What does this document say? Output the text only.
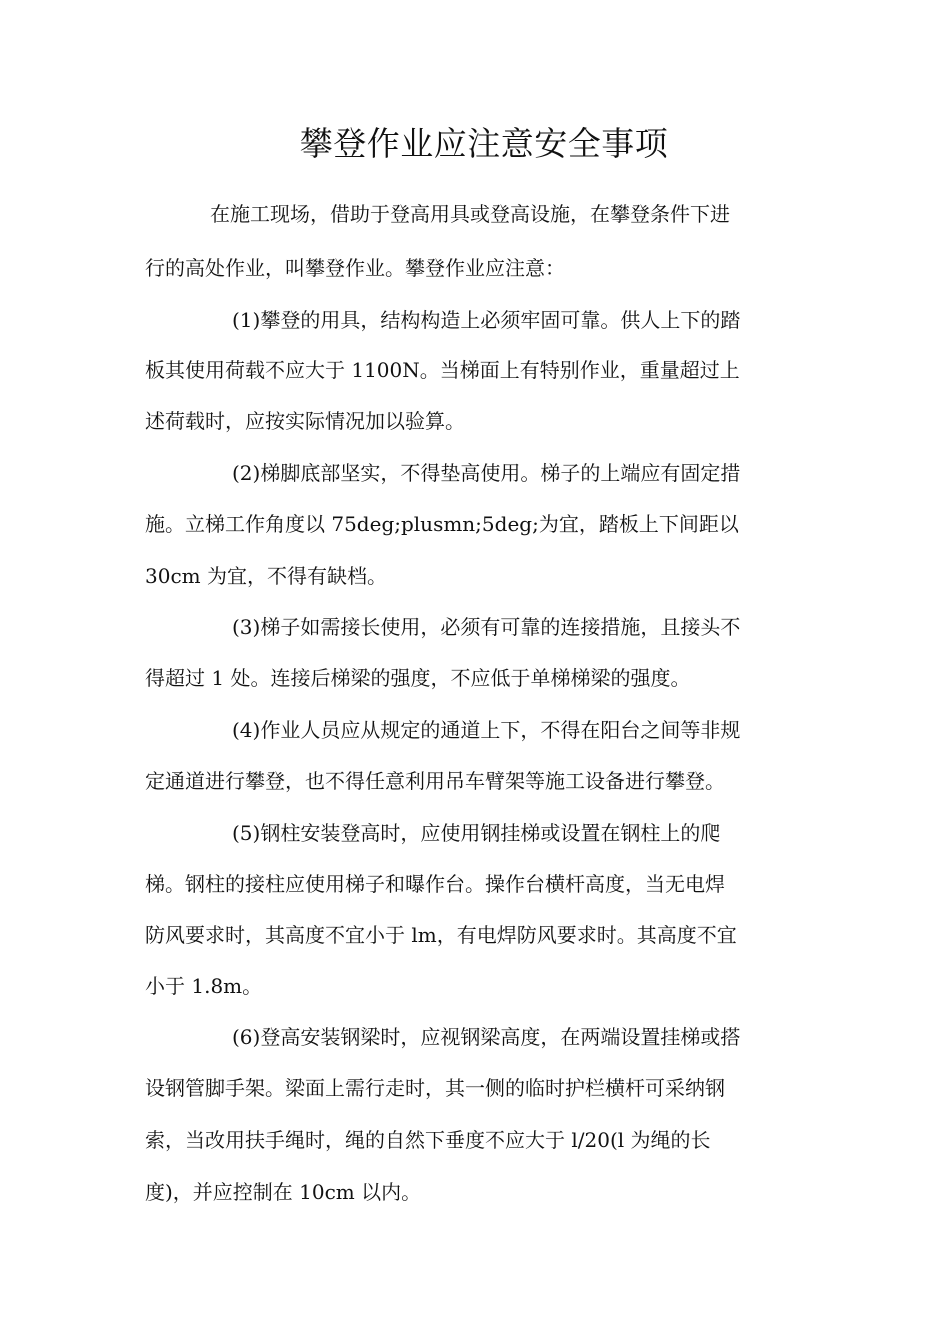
攀登作业应注意安全事项
在施工现场，借助于登高用具或登高设施，在攀登条件下进
行的高处作业，叫攀登作业。攀登作业应注意：
(1)攀登的用具，结构构造上必须牢固可靠。供人上下的踏
板其使用荷载不应大于 1100N。当梯面上有特别作业，重量超过上
述荷载时，应按实际情况加以验算。
(2)梯脚底部坚实，不得垫高使用。梯子的上端应有固定措
施。立梯工作角度以 75deg;plusmn;5deg;为宜，踏板上下间距以
30cm 为宜，不得有缺档。
(3)梯子如需接长使用，必须有可靠的连接措施，且接头不
得超过 1 处。连接后梯梁的强度，不应低于单梯梯梁的强度。
(4)作业人员应从规定的通道上下，不得在阳台之间等非规
定通道进行攀登，也不得任意利用吊车臂架等施工设备进行攀登。
(5)钢柱安装登高时，应使用钢挂梯或设置在钢柱上的爬
梯。钢柱的接柱应使用梯子和曝作台。操作台横杆高度，当无电焊
防风要求时，其高度不宜小于 lm，有电焊防风要求时。其高度不宜
小于 1.8m。
(6)登高安装钢梁时，应视钢梁高度，在两端设置挂梯或搭
设钢管脚手架。梁面上需行走时，其一侧的临时护栏横杆可采纳钢
索，当改用扶手绳时，绳的自然下垂度不应大于 l/20(l 为绳的长
度)，并应控制在 10cm 以内。
